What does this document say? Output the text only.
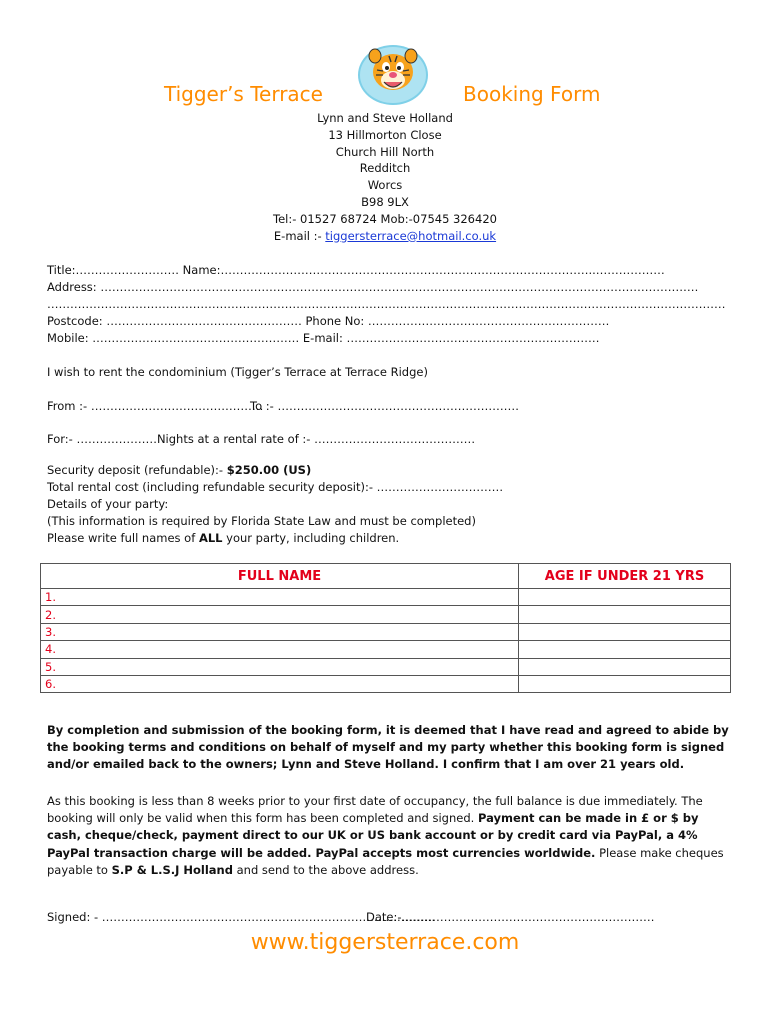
Tigger’s Terrace	Booking Form
Lynn and Steve Holland
13 Hillmorton Close
Church Hill North
Redditch
Worcs
B98 9LX
Tel:- 01527 68724 Mob:-07545 326420
E-mail :- tiggersterrace@hotmail.co.uk
Title:……………………… Name:……………………………………………………………………………………..………………
Address: …………………………………………………………………………………………………………………………………………
……………………………………………………………………………………………………………………………………………………………
Postcode: …………………………………………… Phone No: ………………………………………………………
Mobile: ……………………………………………… E-mail: …………………………………………………………
I wish to rent the condominium (Tigger’s Terrace at Terrace Ridge)
From :- ………………………………………
To :- ………………………………………………………
For:- …………………Nights at a rental rate of :- ……………………………………
Security deposit (refundable):- $250.00 (US)
Total rental cost (including refundable security deposit):- ……………………………
Details of your party:
(This information is required by Florida State Law and must be completed)
Please write full names of ALL your party, including children.
FULL NAME	AGE IF UNDER 21 YRS
1.	
2.	
3.	
4.	
5.	
6.	
By completion and submission of the booking form, it is deemed that I have read and agreed to abide by the booking terms and conditions on behalf of myself and my party whether this booking form is signed and/or emailed back to the owners; Lynn and Steve Holland. I confirm that I am over 21 years old.
As this booking is less than 8 weeks prior to your first date of occupancy, the full balance is due immediately. The booking will only be valid when this form has been completed and signed. Payment can be made in £ or $ by cash, cheque/check, payment direct to our UK or US bank account or by credit card via PayPal, a 4% PayPal transaction charge will be added. PayPal accepts most currencies worldwide. Please make cheques payable to S.P & L.S.J Holland and send to the above address.
Signed: - ……………………………………………………………………………
Date:-…………………………………………………………
www.tiggersterrace.com
